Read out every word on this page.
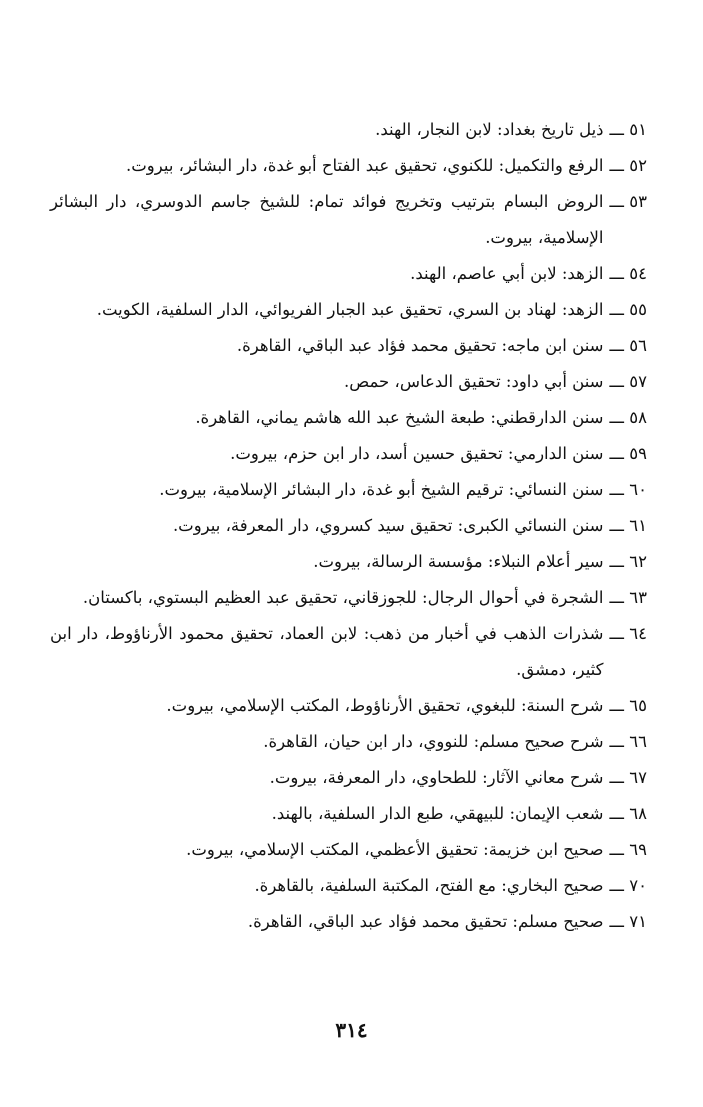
٥١ ـــ
ذيل تاريخ بغداد: لابن النجار، الهند.
٥٢ ـــ
الرفع والتكميل: للكنوي، تحقيق عبد الفتاح أبو غدة، دار البشائر، بيروت.
٥٣ ـــ
الروض البسام بترتيب وتخريج فوائد تمام: للشيخ جاسم الدوسري، دار البشائر الإسلامية، بيروت.
٥٤ ـــ
الزهد: لابن أبي عاصم، الهند.
٥٥ ـــ
الزهد: لهناد بن السري، تحقيق عبد الجبار الفريوائي، الدار السلفية، الكويت.
٥٦ ـــ
سنن ابن ماجه: تحقيق محمد فؤاد عبد الباقي، القاهرة.
٥٧ ـــ
سنن أبي داود: تحقيق الدعاس، حمص.
٥٨ ـــ
سنن الدارقطني: طبعة الشيخ عبد الله هاشم يماني، القاهرة.
٥٩ ـــ
سنن الدارمي: تحقيق حسين أسد، دار ابن حزم، بيروت.
٦٠ ـــ
سنن النسائي: ترقيم الشيخ أبو غدة، دار البشائر الإسلامية، بيروت.
٦١ ـــ
سنن النسائي الكبرى: تحقيق سيد كسروي، دار المعرفة، بيروت.
٦٢ ـــ
سير أعلام النبلاء: مؤسسة الرسالة، بيروت.
٦٣ ـــ
الشجرة في أحوال الرجال: للجوزقاني، تحقيق عبد العظيم البستوي، باكستان.
٦٤ ـــ
شذرات الذهب في أخبار من ذهب: لابن العماد، تحقيق محمود الأرناؤوط، دار ابن كثير، دمشق.
٦٥ ـــ
شرح السنة: للبغوي، تحقيق الأرناؤوط، المكتب الإسلامي، بيروت.
٦٦ ـــ
شرح صحيح مسلم: للنووي، دار ابن حيان، القاهرة.
٦٧ ـــ
شرح معاني الآثار: للطحاوي، دار المعرفة، بيروت.
٦٨ ـــ
شعب الإيمان: للبيهقي، طبع الدار السلفية، بالهند.
٦٩ ـــ
صحيح ابن خزيمة: تحقيق الأعظمي، المكتب الإسلامي، بيروت.
٧٠ ـــ
صحيح البخاري: مع الفتح، المكتبة السلفية، بالقاهرة.
٧١ ـــ
صحيح مسلم: تحقيق محمد فؤاد عبد الباقي، القاهرة.
٣١٤
